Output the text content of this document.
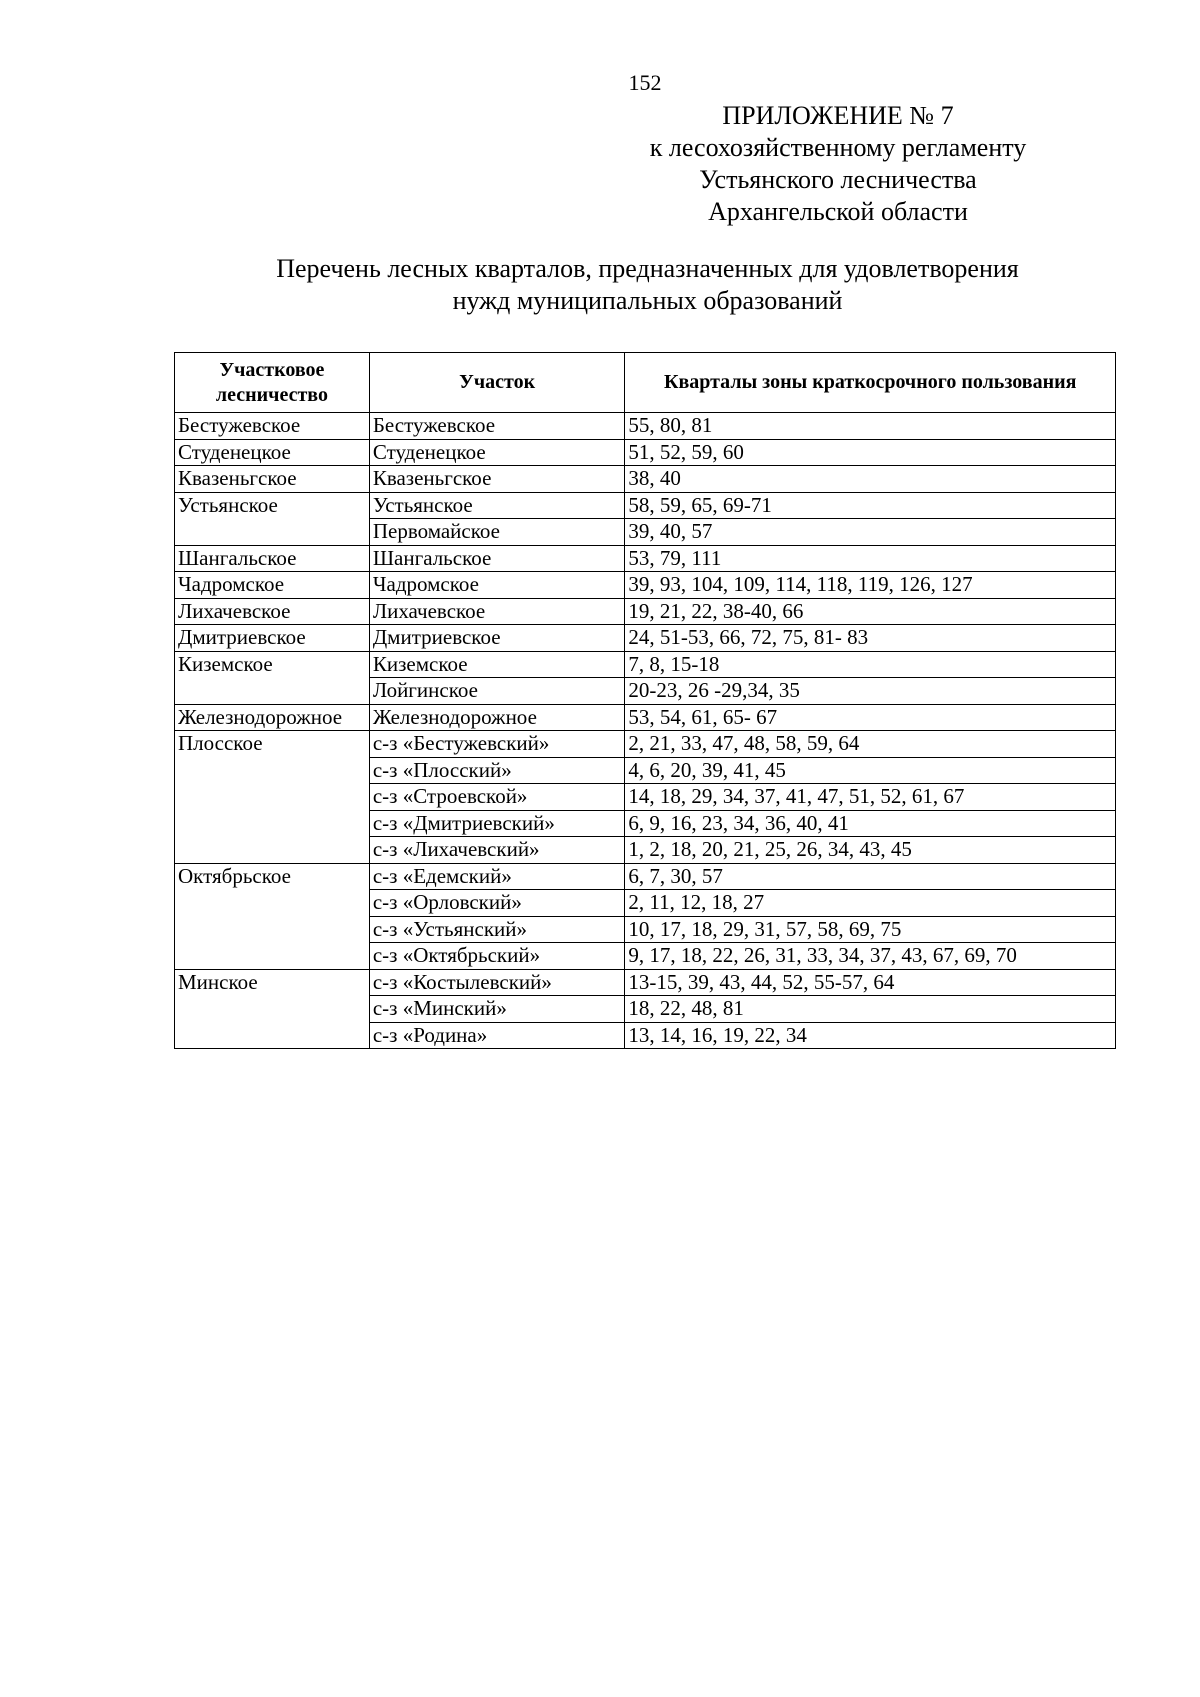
152
ПРИЛОЖЕНИЕ № 7
к лесохозяйственному регламенту
Устьянского лесничества
Архангельской области
Перечень лесных кварталов, предназначенных для удовлетворения
нужд муниципальных образований
Участковое
лесничество	Участок	Кварталы зоны краткосрочного пользования
Бестужевское	Бестужевское	55, 80, 81
Студенецкое	Студенецкое	51, 52, 59, 60
Квазеньгское	Квазеньгское	38, 40
Устьянское	Устьянское	58, 59, 65, 69-71
	Первомайское	39, 40, 57
Шангальское	Шангальское	53, 79, 111
Чадромское	Чадромское	39, 93, 104, 109, 114, 118, 119, 126, 127
Лихачевское	Лихачевское	19, 21, 22, 38-40, 66
Дмитриевское	Дмитриевское	24, 51-53, 66, 72, 75, 81- 83
Киземское	Киземское	7, 8, 15-18
	Лойгинское	20-23, 26 -29,34, 35
Железнодорожное	Железнодорожное	53, 54, 61, 65- 67
Плосское	с-з «Бестужевский»	2, 21, 33, 47, 48, 58, 59, 64
	с-з «Плосский»	4, 6, 20, 39, 41, 45
	с-з «Строевской»	14, 18, 29, 34, 37, 41, 47, 51, 52, 61, 67
	с-з «Дмитриевский»	6, 9, 16, 23, 34, 36, 40, 41
	с-з «Лихачевский»	1, 2, 18, 20, 21, 25, 26, 34, 43, 45
Октябрьское	с-з «Едемский»	6, 7, 30, 57
	с-з «Орловский»	2, 11, 12, 18, 27
	с-з «Устьянский»	10, 17, 18, 29, 31, 57, 58, 69, 75
	с-з «Октябрьский»	9, 17, 18, 22, 26, 31, 33, 34, 37, 43, 67, 69, 70
Минское	с-з «Костылевский»	13-15, 39, 43, 44, 52, 55-57, 64
	с-з «Минский»	18, 22, 48, 81
	с-з «Родина»	13, 14, 16, 19, 22, 34
